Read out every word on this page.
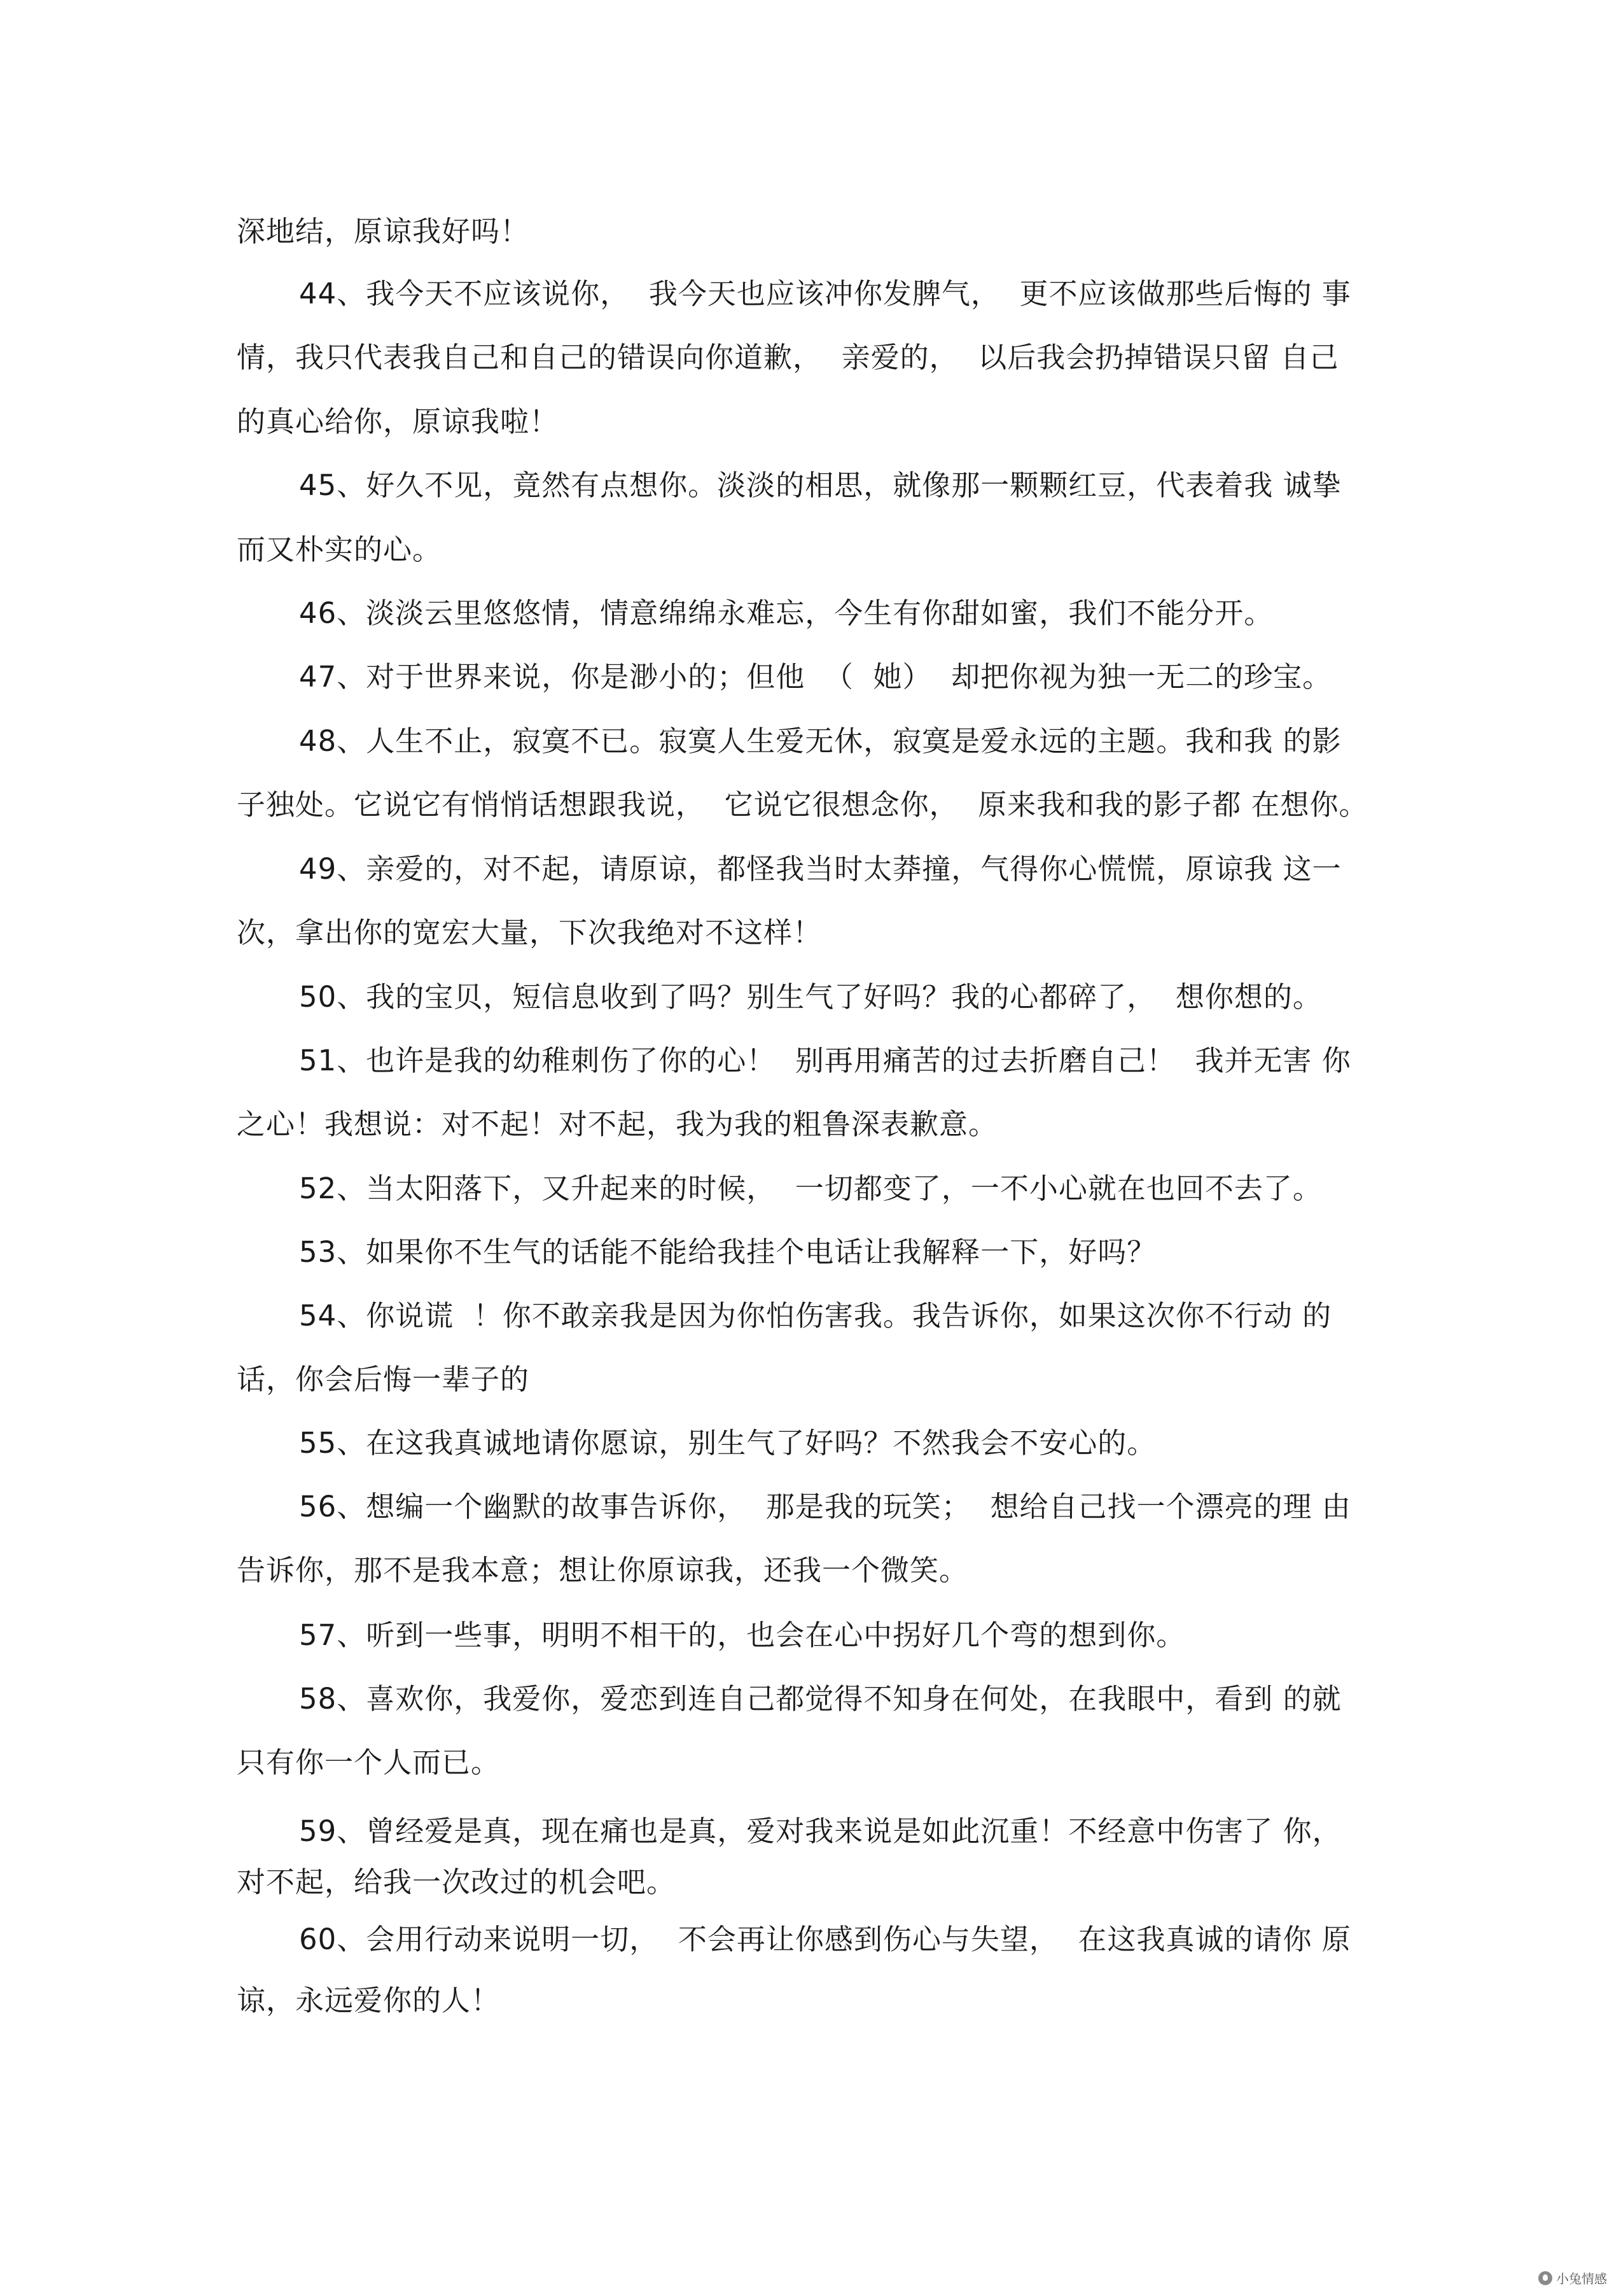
深地结，原谅我好吗！
44、我今天不应该说你，  我今天也应该冲你发脾气，  更不应该做那些后悔的 事
情，我只代表我自己和自己的错误向你道歉，  亲爱的，  以后我会扔掉错误只留 自己
的真心给你，原谅我啦！
45、好久不见，竟然有点想你。淡淡的相思，就像那一颗颗红豆，代表着我 诚挚
而又朴实的心。
46、淡淡云里悠悠情，情意绵绵永难忘，今生有你甜如蜜，我们不能分开。
47、对于世界来说，你是渺小的；但他  （  她）  却把你视为独一无二的珍宝。
48、人生不止，寂寞不已。寂寞人生爱无休，寂寞是爱永远的主题。我和我 的影
子独处。它说它有悄悄话想跟我说，  它说它很想念你，  原来我和我的影子都 在想你。
49、亲爱的，对不起，请原谅，都怪我当时太莽撞，气得你心慌慌，原谅我 这一
次，拿出你的宽宏大量，下次我绝对不这样！
50、我的宝贝，短信息收到了吗？别生气了好吗？我的心都碎了，  想你想的。
51、也许是我的幼稚刺伤了你的心！  别再用痛苦的过去折磨自己！  我并无害 你
之心！我想说：对不起！对不起，我为我的粗鲁深表歉意。
52、当太阳落下，又升起来的时候，  一切都变了，一不小心就在也回不去了。
53、如果你不生气的话能不能给我挂个电话让我解释一下，好吗？
54、你说谎  ！你不敢亲我是因为你怕伤害我。我告诉你，如果这次你不行动 的
话，你会后悔一辈子的
55、在这我真诚地请你愿谅，别生气了好吗？不然我会不安心的。
56、想编一个幽默的故事告诉你，  那是我的玩笑；  想给自己找一个漂亮的理 由
告诉你，那不是我本意；想让你原谅我，还我一个微笑。
57、听到一些事，明明不相干的，也会在心中拐好几个弯的想到你。
58、喜欢你，我爱你，爱恋到连自己都觉得不知身在何处，在我眼中，看到 的就
只有你一个人而已。
59、曾经爱是真，现在痛也是真，爱对我来说是如此沉重！不经意中伤害了 你，
对不起，给我一次改过的机会吧。
60、会用行动来说明一切，  不会再让你感到伤心与失望，  在这我真诚的请你 原
谅，永远爱你的人！
小兔情感
